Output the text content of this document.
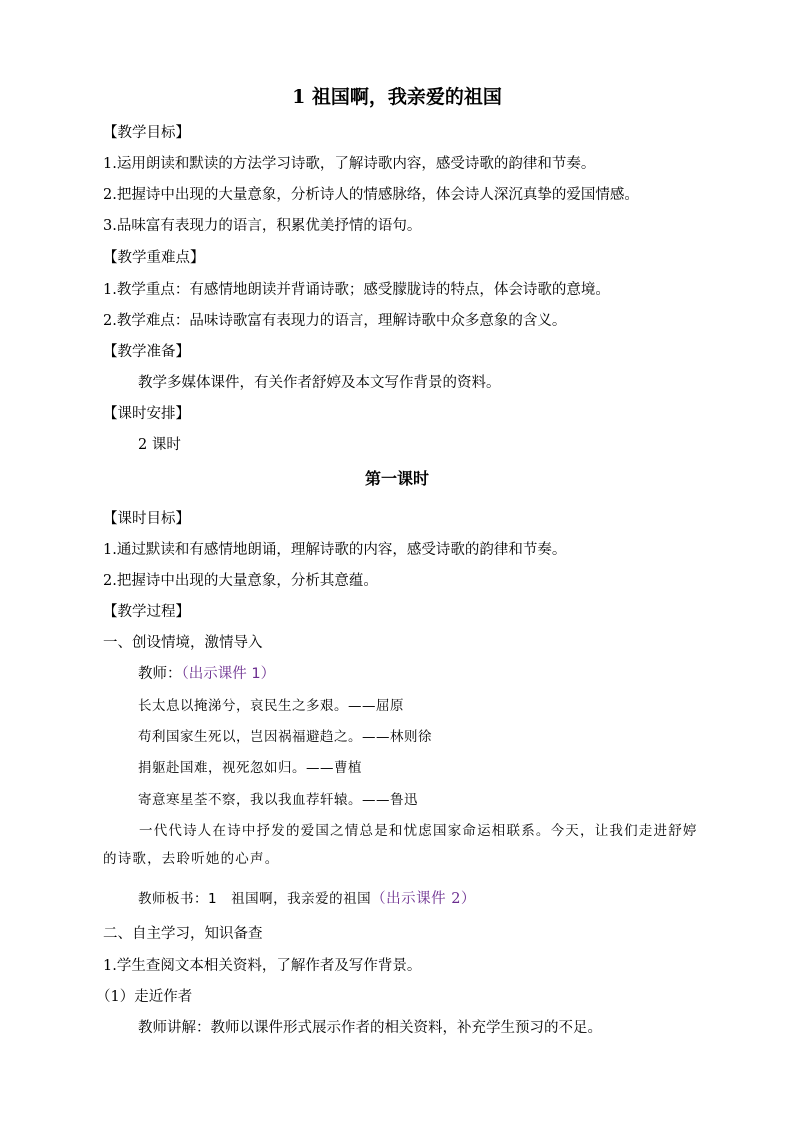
1 祖国啊，我亲爱的祖国
【教学目标】
1.运用朗读和默读的方法学习诗歌，了解诗歌内容，感受诗歌的韵律和节奏。
2.把握诗中出现的大量意象，分析诗人的情感脉络，体会诗人深沉真挚的爱国情感。
3.品味富有表现力的语言，积累优美抒情的语句。
【教学重难点】
1.教学重点：有感情地朗读并背诵诗歌；感受朦胧诗的特点，体会诗歌的意境。
2.教学难点：品味诗歌富有表现力的语言，理解诗歌中众多意象的含义。
【教学准备】
教学多媒体课件，有关作者舒婷及本文写作背景的资料。
【课时安排】
2 课时
第一课时
【课时目标】
1.通过默读和有感情地朗诵，理解诗歌的内容，感受诗歌的韵律和节奏。
2.把握诗中出现的大量意象，分析其意蕴。
【教学过程】
一、创设情境，激情导入
教师：（出示课件 1）
长太息以掩涕兮，哀民生之多艰。——屈原
苟利国家生死以，岂因祸福避趋之。——林则徐
捐躯赴国难，视死忽如归。——曹植
寄意寒星荃不察，我以我血荐轩辕。——鲁迅
一代代诗人在诗中抒发的爱国之情总是和忧虑国家命运相联系。今天，让我们走进舒婷的诗歌，去聆听她的心声。
教师板书：1　祖国啊，我亲爱的祖国（出示课件 2）
二、自主学习，知识备查
1.学生查阅文本相关资料，了解作者及写作背景。
（1）走近作者
教师讲解：教师以课件形式展示作者的相关资料，补充学生预习的不足。
